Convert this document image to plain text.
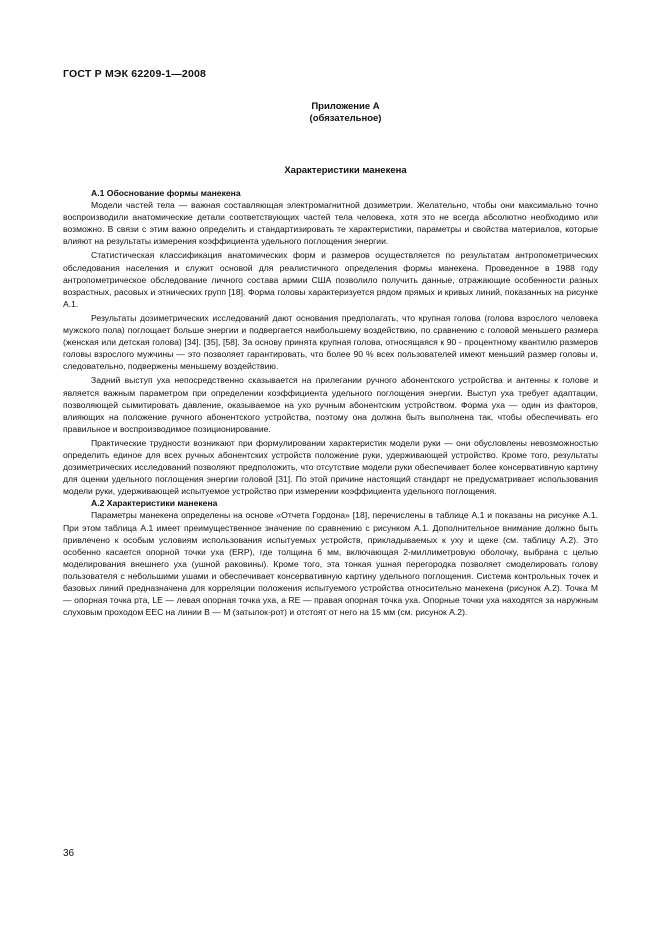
ГОСТ Р МЭК 62209-1—2008
Приложение А
(обязательное)
Характеристики манекена
А.1 Обоснование формы манекена

Модели частей тела — важная составляющая электромагнитной дозиметрии. Желательно, чтобы они максимально точно воспроизводили анатомические детали соответствующих частей тела человека, хотя это не всегда абсолютно необходимо или возможно. В связи с этим важно определить и стандартизировать те характеристики, параметры и свойства материалов, которые влияют на результаты измерения коэффициента удельного поглощения энергии.

Статистическая классификация анатомических форм и размеров осуществляется по результатам антропометрических обследования населения и служит основой для реалистичного определения формы манекена. Проведенное в 1988 году антропометрическое обследование личного состава армии США позволило получить данные, отражающие особенности разных возрастных, расовых и этнических групп [18]. Форма головы характеризуется рядом прямых и кривых линий, показанных на рисунке А.1.

Результаты дозиметрических исследований дают основания предполагать, что крупная голова (голова взрослого человека мужского пола) поглощает больше энергии и подвергается наибольшему воздействию, по сравнению с головой меньшего размера (женская или детская голова) [34]. [35], [58]. За основу принята крупная голова, относящаяся к 90 - процентному квантилю размеров головы взрослого мужчины — это позволяет гарантировать, что более 90 % всех пользователей имеют меньший размер головы и, следовательно, подвержены меньшему воздействию.

Задний выступ уха непосредственно сказывается на прилегании ручного абонентского устройства и антенны к голове и является важным параметром при определении коэффициента удельного поглощения энергии. Выступ уха требует адаптации, позволяющей сымитировать давление, оказываемое на ухо ручным абонентским устройством. Форма уха — один из факторов, влияющих на положение ручного абонентского устройства, поэтому она должна быть выполнена так, чтобы обеспечивать его правильное и воспроизводимое позиционирование.

Практические трудности возникают при формулировании характеристик модели руки — они обусловлены невозможностью определить единое для всех ручных абонентских устройств положение руки, удерживающей устройство. Кроме того, результаты дозиметрических исследований позволяют предположить, что отсутствие модели руки обеспечивает более консервативную картину для оценки удельного поглощения энергии головой [31]. По этой причине настоящий стандарт не предусматривает использования модели руки, удерживающей испытуемое устройство при измерении коэффициента удельного поглощения.

А.2 Характеристики манекена

Параметры манекена определены на основе «Отчета Гордона» [18], перечислены в таблице А.1 и показаны на рисунке А.1. При этом таблица А.1 имеет преимущественное значение по сравнению с рисунком А.1. Дополнительное внимание должно быть привлечено к особым условиям использования испытуемых устройств, прикладываемых к уху и щеке (см. таблицу А.2). Это особенно касается опорной точки уха (ERP), где толщина 6 мм, включающая 2-миллиметровую оболочку, выбрана с целью моделирования внешнего уха (ушной раковины). Кроме того, эта тонкая ушная перегородка позволяет смоделировать голову пользователя с небольшими ушами и обеспечивает консервативную картину удельного поглощения. Система контрольных точек и базовых линий предназначена для корреляции положения испытуемого устройства относительно манекена (рисунок А.2). Точка М — опорная точка рта, LE — левая опорная точка уха, a RE — правая опорная точка уха. Опорные точки уха находятся за наружным слуховым проходом ЕЕС на линии В — М (затылок-рот) и отстоят от него на 15 мм (см. рисунок А.2).

36
